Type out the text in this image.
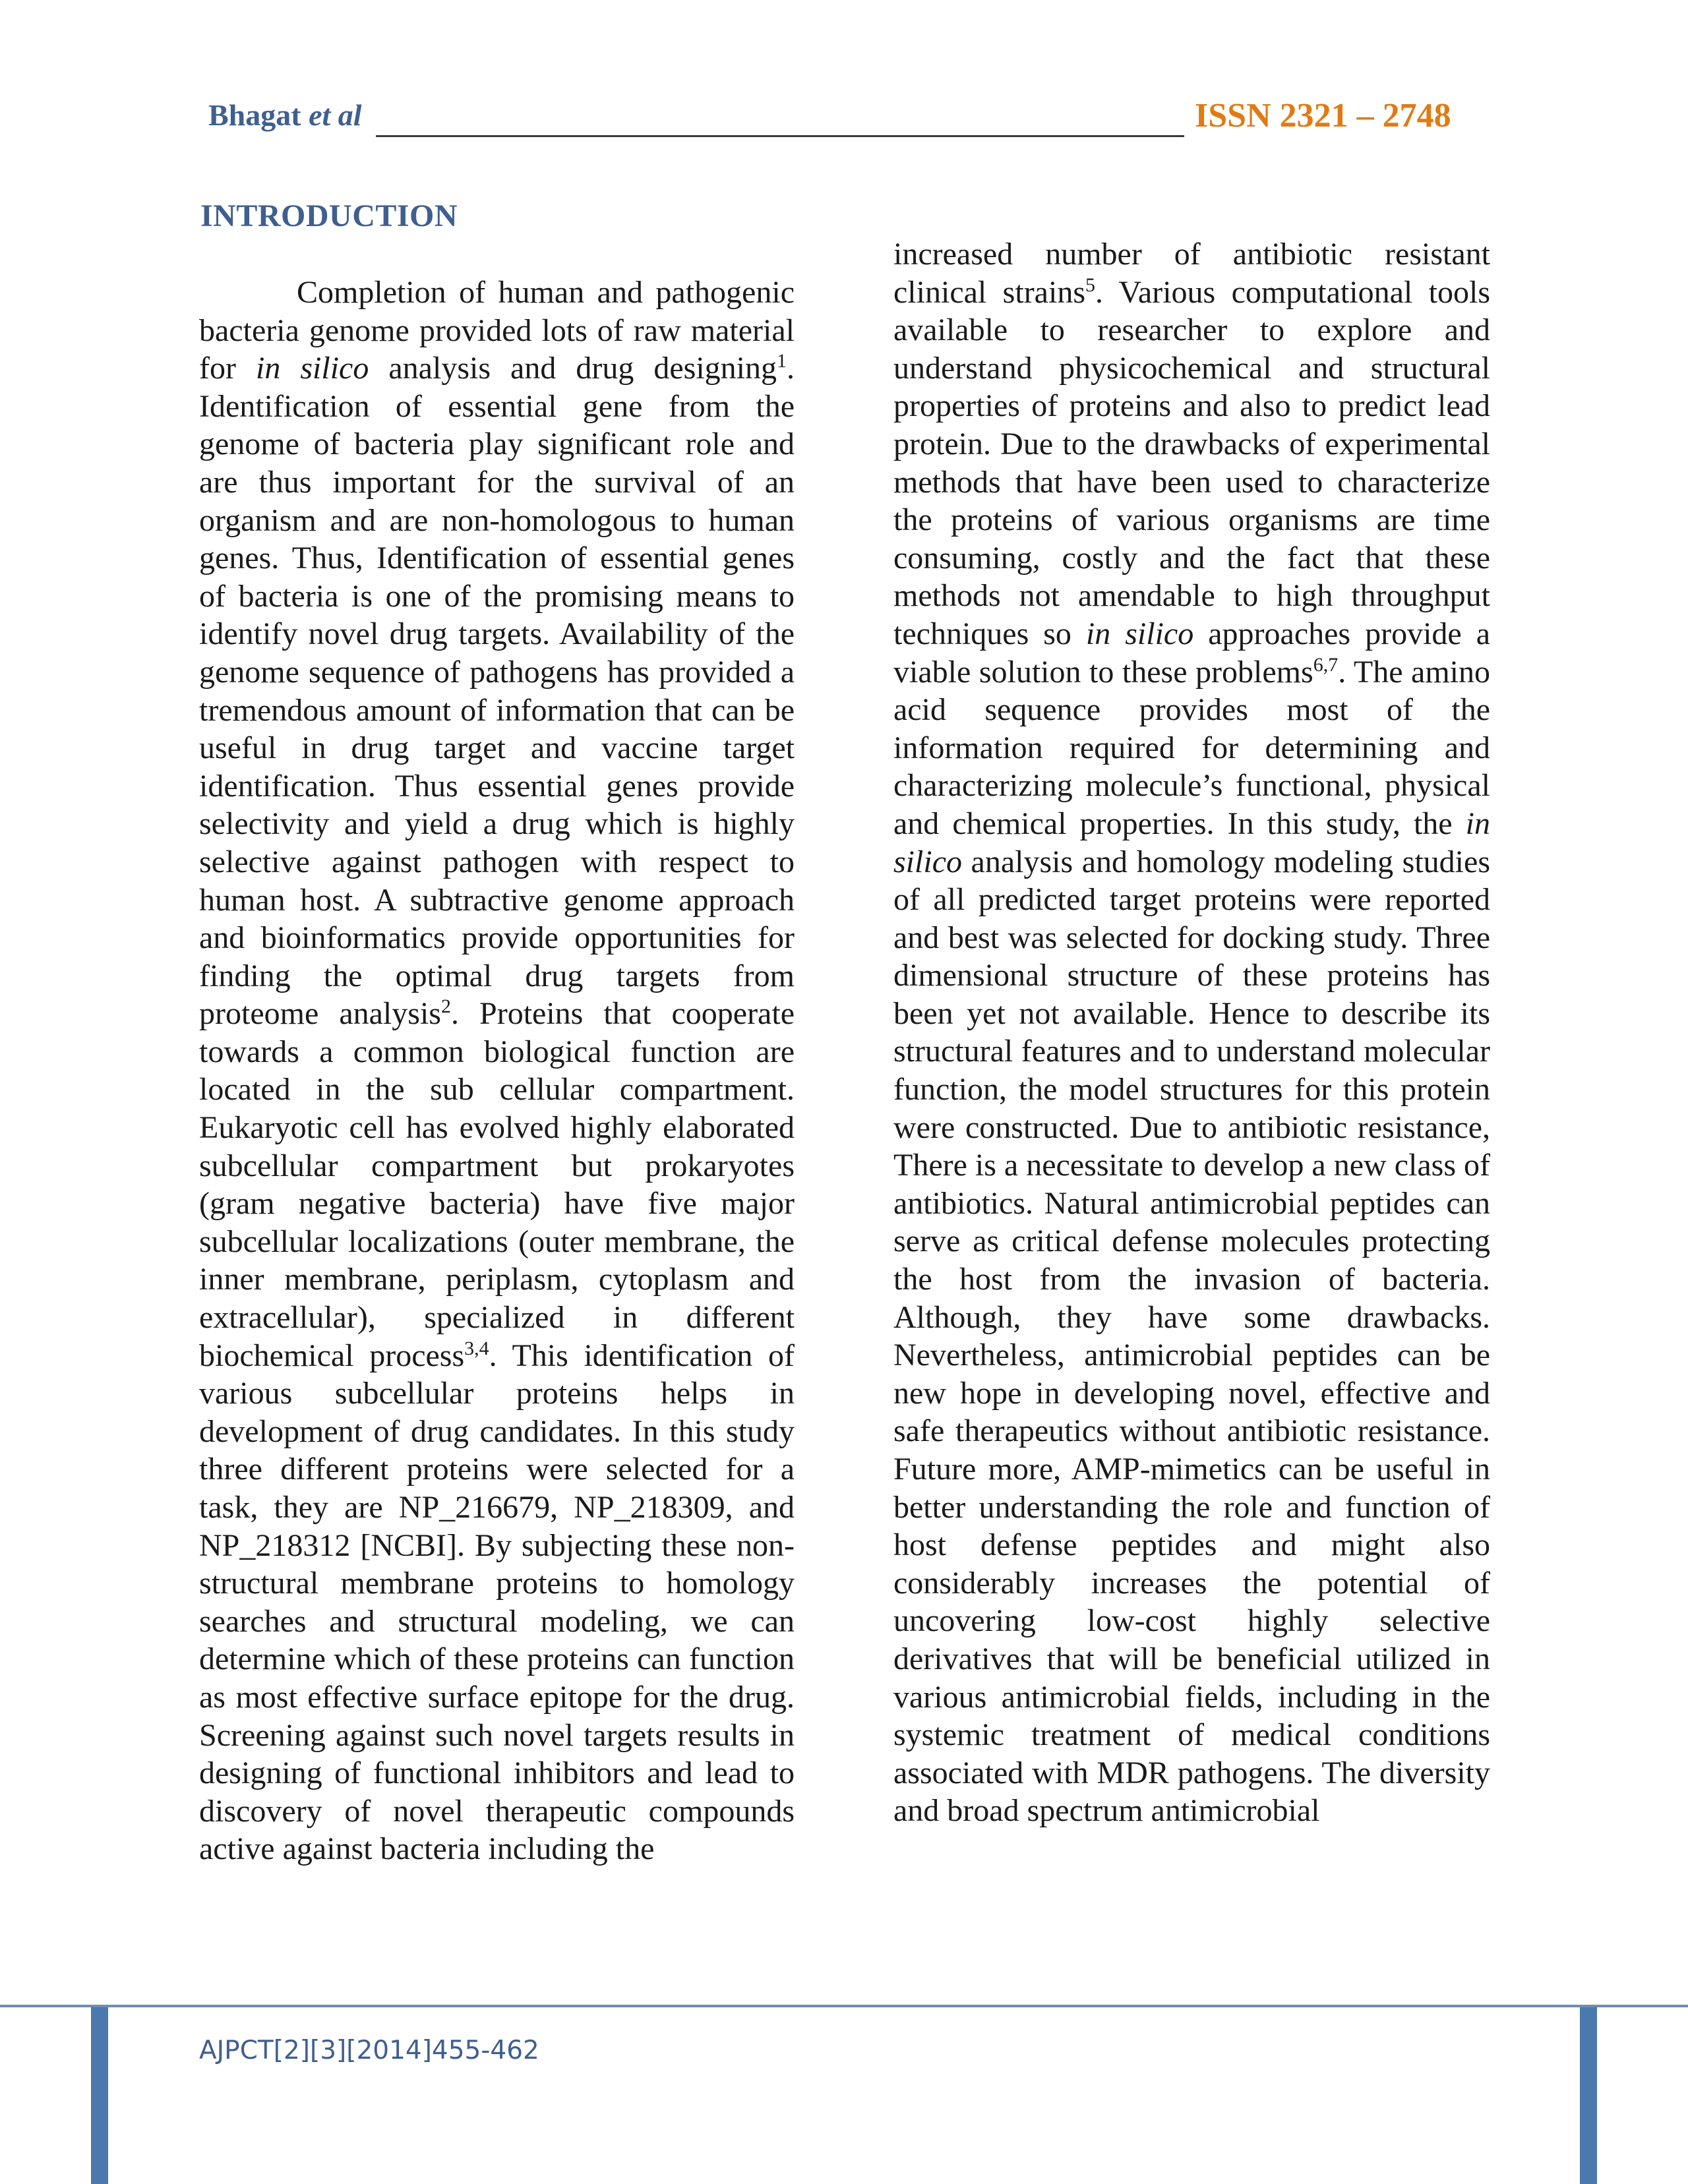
Bhagat et al	ISSN 2321 – 2748
INTRODUCTION

Completion of human and pathogenic bacteria genome provided lots of raw material for in silico analysis and drug designing$^1$. Identification of essential gene from the genome of bacteria play significant role and are thus important for the survival of an organism and are non-homologous to human genes. Thus, Identification of essential genes of bacteria is one of the promising means to identify novel drug targets. Availability of the genome sequence of pathogens has provided a tremendous amount of information that can be useful in drug target and vaccine target identification. Thus essential genes provide selectivity and yield a drug which is highly selective against pathogen with respect to human host. A subtractive genome approach and bioinformatics provide opportunities for finding the optimal drug targets from proteome analysis$^2$. Proteins that cooperate towards a common biological function are located in the sub cellular compartment. Eukaryotic cell has evolved highly elaborated subcellular compartment but prokaryotes (gram negative bacteria) have five major subcellular localizations (outer membrane, the inner membrane, periplasm, cytoplasm and extracellular), specialized in different biochemical process$^{3,4}$. This identification of various subcellular proteins helps in development of drug candidates. In this study three different proteins were selected for a task, they are NP_216679, NP_218309, and NP_218312 [NCBI]. By subjecting these non-structural membrane proteins to homology searches and structural modeling, we can determine which of these proteins can function as most effective surface epitope for the drug. Screening against such novel targets results in designing of functional inhibitors and lead to discovery of novel therapeutic compounds active against bacteria including the

increased number of antibiotic resistant clinical strains$^5$. Various computational tools available to researcher to explore and understand physicochemical and structural properties of proteins and also to predict lead protein. Due to the drawbacks of experimental methods that have been used to characterize the proteins of various organisms are time consuming, costly and the fact that these methods not amendable to high throughput techniques so in silico approaches provide a viable solution to these problems$^{6,7}$. The amino acid sequence provides most of the information required for determining and characterizing molecule’s functional, physical and chemical properties. In this study, the in silico analysis and homology modeling studies of all predicted target proteins were reported and best was selected for docking study. Three dimensional structure of these proteins has been yet not available. Hence to describe its structural features and to understand molecular function, the model structures for this protein were constructed. Due to antibiotic resistance, There is a necessitate to develop a new class of antibiotics. Natural antimicrobial peptides can serve as critical defense molecules protecting the host from the invasion of bacteria. Although, they have some drawbacks. Nevertheless, antimicrobial peptides can be new hope in developing novel, effective and safe therapeutics without antibiotic resistance. Future more, AMP-mimetics can be useful in better understanding the role and function of host defense peptides and might also considerably increases the potential of uncovering low-cost highly selective derivatives that will be beneficial utilized in various antimicrobial fields, including in the systemic treatment of medical conditions associated with MDR pathogens. The diversity and broad spectrum antimicrobial

AJPCT[2][3][2014]455-462
